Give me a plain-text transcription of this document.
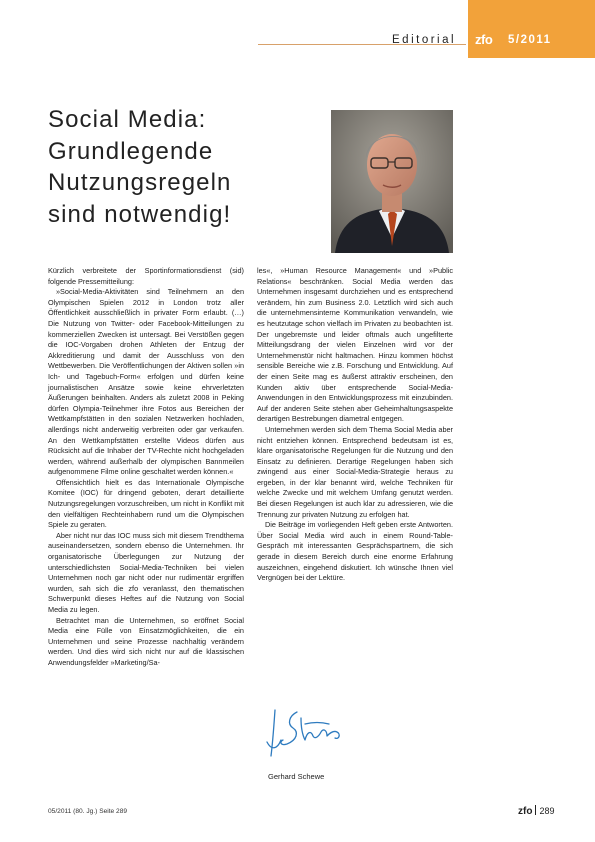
Editorial zfo 5/2011
Social Media:
Grundlegende
Nutzungsregeln
sind notwendig!

Kürzlich verbreitete der Sportinformationsdienst (sid) folgende Pressemitteilung:

»Social-Media-Aktivitäten sind Teilnehmern an den Olympischen Spielen 2012 in London trotz aller Öffentlichkeit ausschließlich in privater Form erlaubt. (…) Die Nutzung von Twitter- oder Facebook-Mitteilungen zu kommerziellen Zwecken ist untersagt. Bei Verstößen gegen die IOC-Vorgaben drohen Athleten der Entzug der Akkreditierung und damit der Ausschluss von den Wettbewerben. Die Veröffentlichungen der Aktiven sollen »in Ich- und Tagebuch-Form« erfolgen und dürfen keine journalistischen Ansätze sowie keine ehrverletzten Äußerungen beinhalten. Anders als zuletzt 2008 in Peking dürfen Olympia-Teilnehmer ihre Fotos aus Bereichen der Wettkampfstätten in den sozialen Netzwerken hochladen, allerdings nicht anderweitig verbreiten oder gar verkaufen. An den Wettkampfstätten erstellte Videos dürfen aus Rücksicht auf die Inhaber der TV-Rechte nicht hochgeladen werden, während außerhalb der olympischen Bannmeilen aufgenommene Filme online geschaltet werden können.«

Offensichtlich hielt es das Internationale Olympische Komitee (IOC) für dringend geboten, derart detaillierte Nutzungsregelungen vorzuschreiben, um nicht in Konflikt mit den vielfältigen Rechteinhabern rund um die Olympischen Spiele zu geraten.

Aber nicht nur das IOC muss sich mit diesem Trendthema auseinandersetzen, sondern ebenso die Unternehmen. Ihr organisatorische Überlegungen zur Nutzung der unterschiedlichsten Social-Media-Techniken bei vielen Unternehmen noch gar nicht oder nur rudimentär ergriffen wurden, sah sich die zfo veranlasst, den thematischen Schwerpunkt dieses Heftes auf die Nutzung von Social Media zu legen.

Betrachtet man die Unternehmen, so eröffnet Social Media eine Fülle von Einsatzmöglichkeiten, die ein Unternehmen und seine Prozesse nachhaltig verändern werden. Und dies wird sich nicht nur auf die klassischen Anwendungsfelder »Marketing/Sa-

les«, »Human Resource Management« und »Public Relations« beschränken. Social Media werden das Unternehmen insgesamt durchziehen und es entsprechend verändern, hin zum Business 2.0. Letztlich wird sich auch die unternehmensinterne Kommunikation verwandeln, wie es heutzutage schon vielfach im Privaten zu beobachten ist. Der ungebremste und leider oftmals auch ungefilterte Mitteilungsdrang der vielen Einzelnen wird vor der Unternehmenstür nicht haltmachen. Hinzu kommen höchst sensible Bereiche wie z.B. Forschung und Entwicklung. Auf der einen Seite mag es äußerst attraktiv erscheinen, den Kunden aktiv über entsprechende Social-Media-Anwendungen in den Entwicklungsprozess mit einzubinden. Auf der anderen Seite stehen aber Geheimhaltungsaspekte derartigen Bestrebungen diametral entgegen.

Unternehmen werden sich dem Thema Social Media aber nicht entziehen können. Entsprechend bedeutsam ist es, klare organisatorische Regelungen für die Nutzung und den Einsatz zu definieren. Derartige Regelungen haben sich zwingend aus einer Social-Media-Strategie heraus zu ergeben, in der klar benannt wird, welche Techniken für welche Zwecke und mit welchem Umfang genutzt werden. Bei diesen Regelungen ist auch klar zu adressieren, wie die Trennung zur privaten Nutzung zu erfolgen hat.

Die Beiträge im vorliegenden Heft geben erste Antworten. Über Social Media wird auch in einem Round-Table-Gespräch mit interessanten Gesprächspartnern, die sich gerade in diesem Bereich durch eine enorme Erfahrung auszeichnen, eingehend diskutiert. Ich wünsche Ihnen viel Vergnügen bei der Lektüre.

Gerhard Schewe
05/2011 (80. Jg.) Seite 289	zfo 289
